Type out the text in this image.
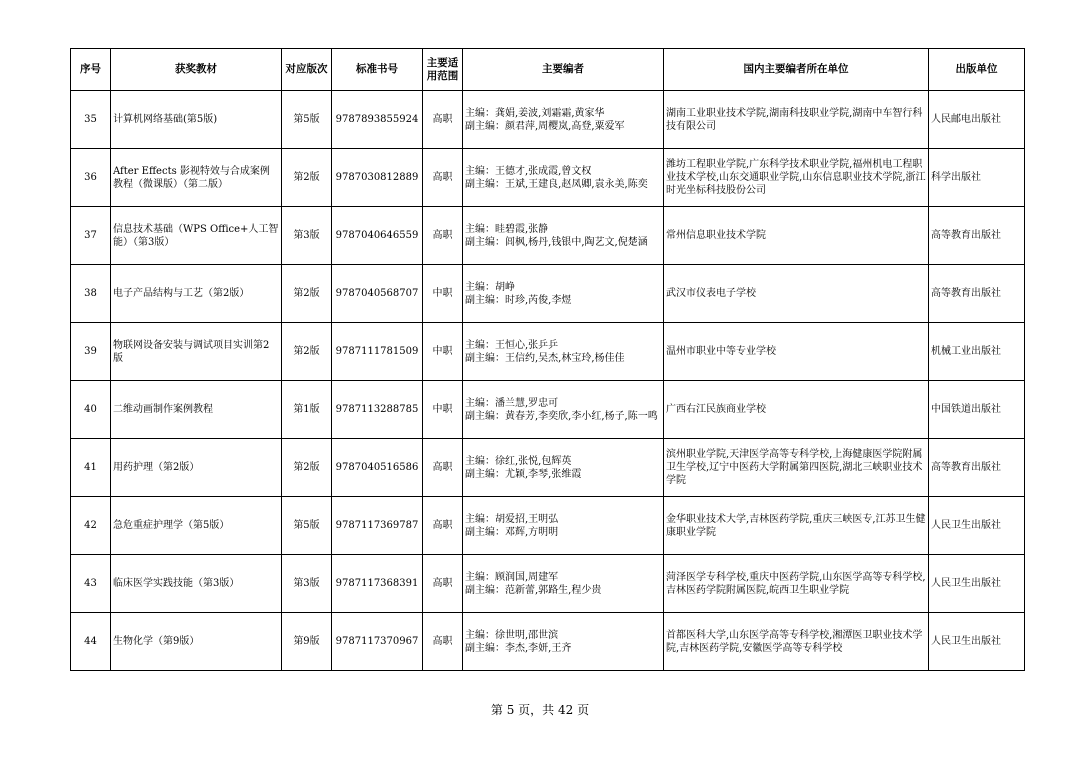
序号	获奖教材	对应版次	标准书号	主要适用范围	主要编者	国内主要编者所在单位	出版单位
35	计算机网络基础(第5版)	第5版	9787893855924	高职	主编：龚娟,姜波,刘霜霜,黄家华
副主编：颜君萍,周樱岚,高登,粟爱军	湖南工业职业技术学院,湖南科技职业学院,湖南中车智行科技有限公司	人民邮电出版社
36	After Effects 影视特效与合成案例教程（微课版）（第二版）	第2版	9787030812889	高职	主编：王德才,张成霞,曾文权
副主编：王斌,王建良,赵凤卿,袁永美,陈奕	潍坊工程职业学院,广东科学技术职业学院,福州机电工程职业技术学校,山东交通职业学院,山东信息职业技术学院,浙江时光坐标科技股份公司	科学出版社
37	信息技术基础（WPS Office+人工智能）（第3版）	第3版	9787040646559	高职	主编：眭碧霞,张静
副主编：闾枫,杨丹,钱银中,陶艺文,倪楚涵	常州信息职业技术学院	高等教育出版社
38	电子产品结构与工艺（第2版）	第2版	9787040568707	中职	主编：胡峥
副主编：时珍,芮俊,李煜	武汉市仪表电子学校	高等教育出版社
39	物联网设备安装与调试项目实训第2版	第2版	9787111781509	中职	主编：王恒心,张乒乒
副主编：王信约,吴杰,林宝玲,杨佳佳	温州市职业中等专业学校	机械工业出版社
40	二维动画制作案例教程	第1版	9787113288785	中职	主编：潘兰慧,罗忠可
副主编：黄春芳,李奕欣,李小红,杨子,陈一鸣	广西右江民族商业学校	中国铁道出版社
41	用药护理（第2版）	第2版	9787040516586	高职	主编：徐红,张悦,包辉英
副主编：尤颖,李琴,张维霞	滨州职业学院,天津医学高等专科学校,上海健康医学院附属卫生学校,辽宁中医药大学附属第四医院,湖北三峡职业技术学院	高等教育出版社
42	急危重症护理学（第5版）	第5版	9787117369787	高职	主编：胡爱招,王明弘
副主编：邓辉,方明明	金华职业技术大学,吉林医药学院,重庆三峡医专,江苏卫生健康职业学院	人民卫生出版社
43	临床医学实践技能（第3版）	第3版	9787117368391	高职	主编：顾润国,周建军
副主编：范新蕾,郭路生,程少贵	菏泽医学专科学校,重庆中医药学院,山东医学高等专科学校,吉林医药学院附属医院,皖西卫生职业学院	人民卫生出版社
44	生物化学（第9版）	第9版	9787117370967	高职	主编：徐世明,邵世滨
副主编：李杰,李妍,王齐	首都医科大学,山东医学高等专科学校,湘潭医卫职业技术学院,吉林医药学院,安徽医学高等专科学校	人民卫生出版社
第 5 页，共 42 页
